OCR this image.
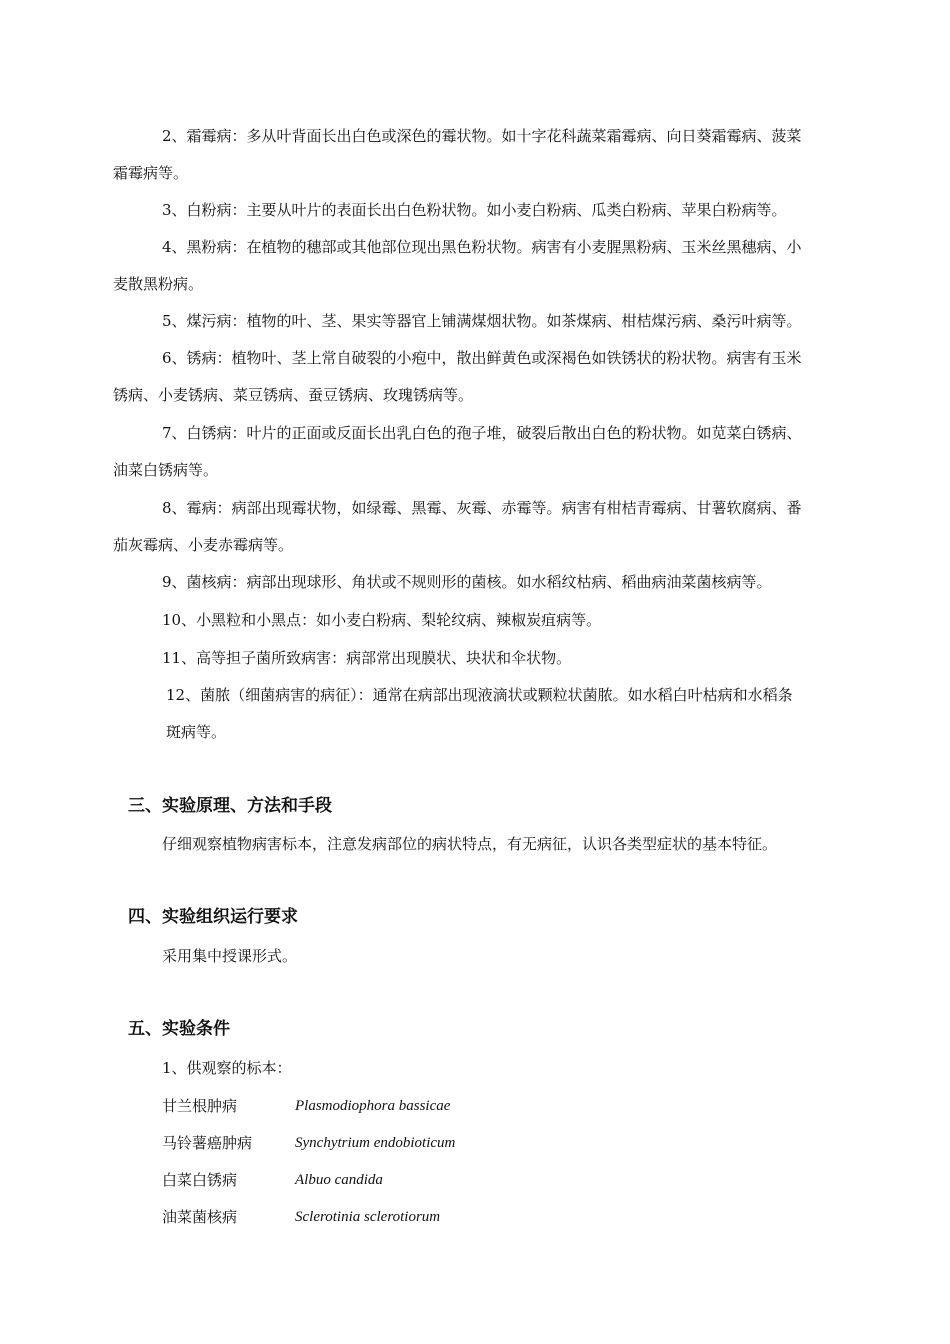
2、霜霉病：多从叶背面长出白色或深色的霉状物。如十字花科蔬菜霜霉病、向日葵霜霉病、菠菜
霜霉病等。
3、白粉病：主要从叶片的表面长出白色粉状物。如小麦白粉病、瓜类白粉病、苹果白粉病等。
4、黑粉病：在植物的穗部或其他部位现出黑色粉状物。病害有小麦腥黑粉病、玉米丝黑穗病、小
麦散黑粉病。
5、煤污病：植物的叶、茎、果实等器官上铺满煤烟状物。如茶煤病、柑桔煤污病、桑污叶病等。
6、锈病：植物叶、茎上常自破裂的小疱中，散出鲜黄色或深褐色如铁锈状的粉状物。病害有玉米
锈病、小麦锈病、菜豆锈病、蚕豆锈病、玫瑰锈病等。
7、白锈病：叶片的正面或反面长出乳白色的孢子堆，破裂后散出白色的粉状物。如苋菜白锈病、
油菜白锈病等。
8、霉病：病部出现霉状物，如绿霉、黑霉、灰霉、赤霉等。病害有柑桔青霉病、甘薯软腐病、番
茄灰霉病、小麦赤霉病等。
9、菌核病：病部出现球形、角状或不规则形的菌核。如水稻纹枯病、稻曲病油菜菌核病等。
10、小黑粒和小黑点：如小麦白粉病、梨轮纹病、辣椒炭疽病等。
11、高等担子菌所致病害：病部常出现膜状、块状和伞状物。
12、菌脓（细菌病害的病征）：通常在病部出现液滴状或颗粒状菌脓。如水稻白叶枯病和水稻条
斑病等。
三、实验原理、方法和手段
仔细观察植物病害标本，注意发病部位的病状特点，有无病征，认识各类型症状的基本特征。
四、实验组织运行要求
采用集中授课形式。
五、实验条件
1、供观察的标本：
甘兰根肿病	Plasmodiophora bassicae
马铃薯癌肿病	Synchytrium endobioticum
白菜白锈病	Albuo candida
油菜菌核病	Sclerotinia sclerotiorum
